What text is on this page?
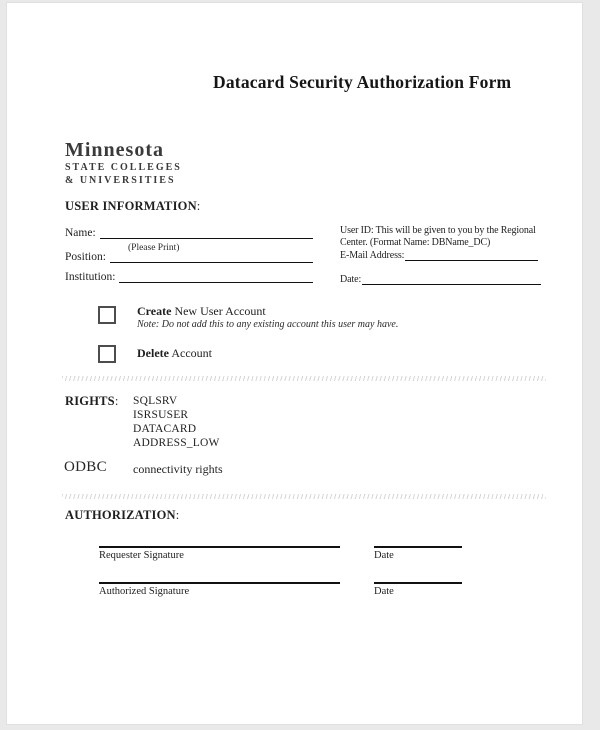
Datacard Security Authorization Form
Minnesota
STATE COLLEGES
& UNIVERSITIES
USER INFORMATION:
Name:
(Please Print)
Position:
Institution:
User ID: This will be given to you by the Regional
Center. (Format Name: DBName_DC)
E-Mail Address:
Date:
Create New User Account
Note: Do not add this to any existing account this user may have.
Delete Account
RIGHTS: SQLSRV
ISRSUSER
DATACARD
ADDRESS_LOW
ODBC connectivity rights
AUTHORIZATION:
Requester Signature	Date
Authorized Signature	Date
